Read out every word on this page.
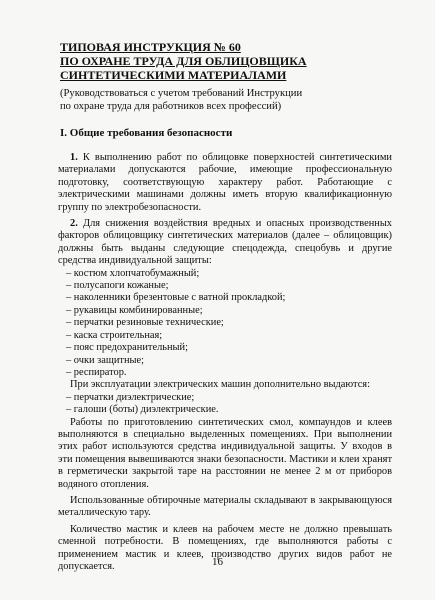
ТИПОВАЯ ИНСТРУКЦИЯ № 60
ПО ОХРАНЕ ТРУДА ДЛЯ ОБЛИЦОВЩИКА
СИНТЕТИЧЕСКИМИ МАТЕРИАЛАМИ
(Руководствоваться с учетом требований Инструкции
по охране труда для работников всех профессий)
I. Общие требования безопасности

1. К выполнению работ по облицовке поверхностей синтетическими материалами допускаются рабочие, имеющие профессиональную подготовку, соответствующую характеру работ. Работающие с электрическими машинами должны иметь вторую квалификационную группу по электробезопасности.

2. Для снижения воздействия вредных и опасных производственных факторов облицовщику синтетических материалов (далее – облицовщик) должны быть выданы следующие спецодежда, спецобувь и другие средства индивидуальной защиты:

– костюм хлопчатобумажный;
– полусапоги кожаные;
– наколенники брезентовые с ватной прокладкой;
– рукавицы комбинированные;
– перчатки резиновые технические;
– каска строительная;
– пояс предохранительный;
– очки защитные;
– респиратор.

При эксплуатации электрических машин дополнительно выдаются:

– перчатки диэлектрические;
– галоши (боты) диэлектрические.

Работы по приготовлению синтетических смол, компаундов и клеев выполняются в специально выделенных помещениях. При выполнении этих работ используются средства индивидуальной защиты. У входов в эти помещения вывешиваются знаки безопасности. Мастики и клеи хранят в герметически закрытой таре на расстоянии не менее 2 м от приборов водяного отопления.

Использованные обтирочные материалы складывают в закрывающуюся металлическую тару.

Количество мастик и клеев на рабочем месте не должно превышать сменной потребности. В помещениях, где выполняются работы с применением мастик и клеев, производство других видов работ не допускается.	16
